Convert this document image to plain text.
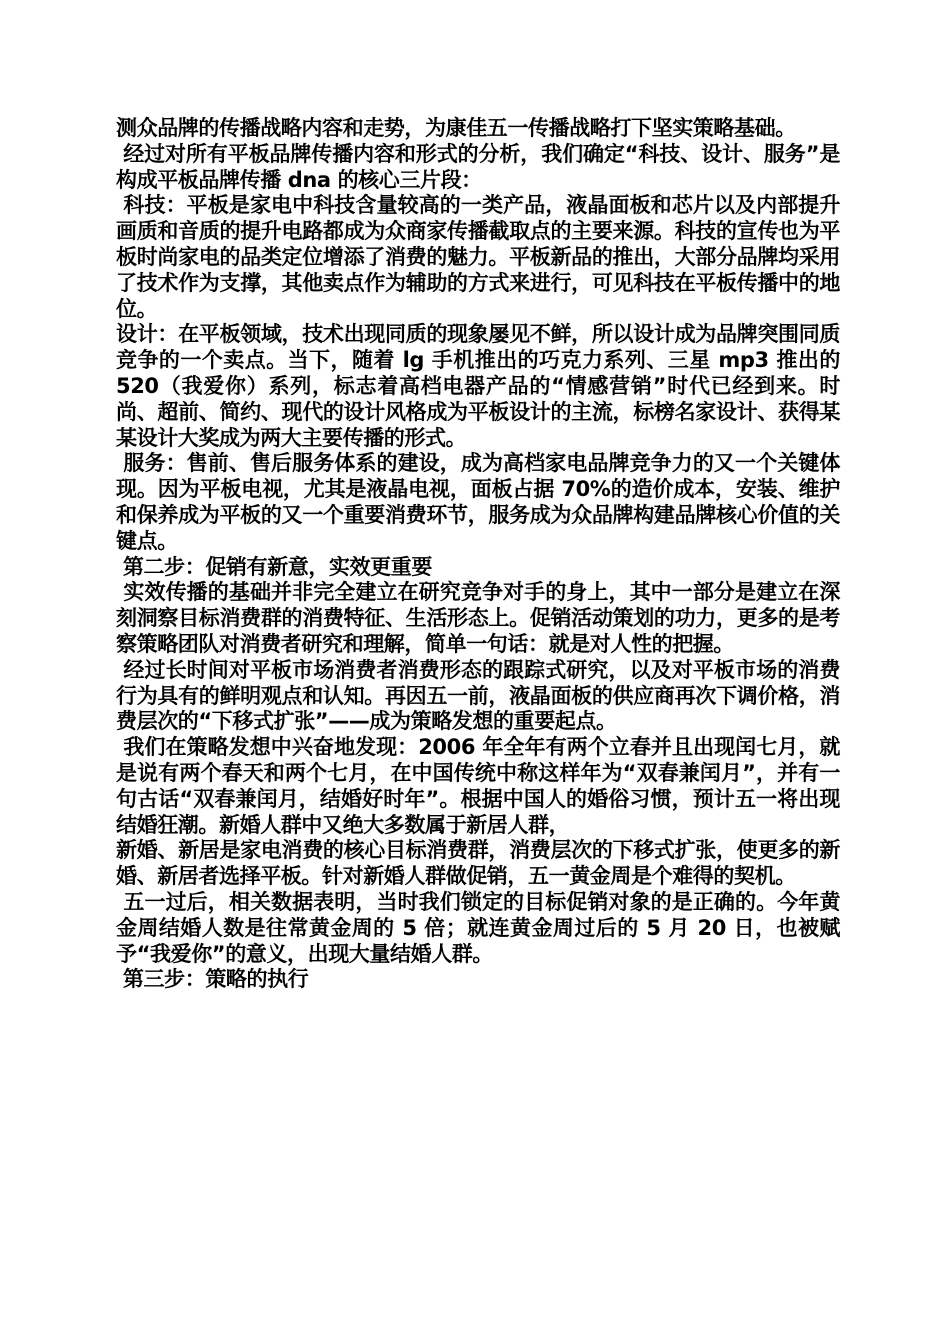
测众品牌的传播战略内容和走势，为康佳五一传播战略打下坚实策略基础。

经过对所有平板品牌传播内容和形式的分析，我们确定“科技、设计、服务”是构成平板品牌传播 dna 的核心三片段：

科技：平板是家电中科技含量较高的一类产品，液晶面板和芯片以及内部提升画质和音质的提升电路都成为众商家传播截取点的主要来源。科技的宣传也为平板时尚家电的品类定位增添了消费的魅力。平板新品的推出，大部分品牌均采用了技术作为支撑，其他卖点作为辅助的方式来进行，可见科技在平板传播中的地位。

设计：在平板领域，技术出现同质的现象屡见不鲜，所以设计成为品牌突围同质竞争的一个卖点。当下，随着 lg 手机推出的巧克力系列、三星 mp3 推出的 520（我爱你）系列，标志着高档电器产品的“情感营销”时代已经到来。时尚、超前、简约、现代的设计风格成为平板设计的主流，标榜名家设计、获得某某设计大奖成为两大主要传播的形式。

服务：售前、售后服务体系的建设，成为高档家电品牌竞争力的又一个关键体现。因为平板电视，尤其是液晶电视，面板占据 70%的造价成本，安装、维护和保养成为平板的又一个重要消费环节，服务成为众品牌构建品牌核心价值的关键点。

第二步：促销有新意，实效更重要

实效传播的基础并非完全建立在研究竞争对手的身上，其中一部分是建立在深刻洞察目标消费群的消费特征、生活形态上。促销活动策划的功力，更多的是考察策略团队对消费者研究和理解，简单一句话：就是对人性的把握。

经过长时间对平板市场消费者消费形态的跟踪式研究，以及对平板市场的消费行为具有的鲜明观点和认知。再因五一前，液晶面板的供应商再次下调价格，消费层次的“下移式扩张”——成为策略发想的重要起点。

我们在策略发想中兴奋地发现：2006 年全年有两个立春并且出现闰七月，就是说有两个春天和两个七月，在中国传统中称这样年为“双春兼闰月”，并有一句古话“双春兼闰月，结婚好时年”。根据中国人的婚俗习惯，预计五一将出现结婚狂潮。新婚人群中又绝大多数属于新居人群，

新婚、新居是家电消费的核心目标消费群，消费层次的下移式扩张，使更多的新婚、新居者选择平板。针对新婚人群做促销，五一黄金周是个难得的契机。

五一过后，相关数据表明，当时我们锁定的目标促销对象的是正确的。今年黄金周结婚人数是往常黄金周的 5 倍；就连黄金周过后的 5 月 20 日，也被赋予“我爱你”的意义，出现大量结婚人群。

第三步：策略的执行
